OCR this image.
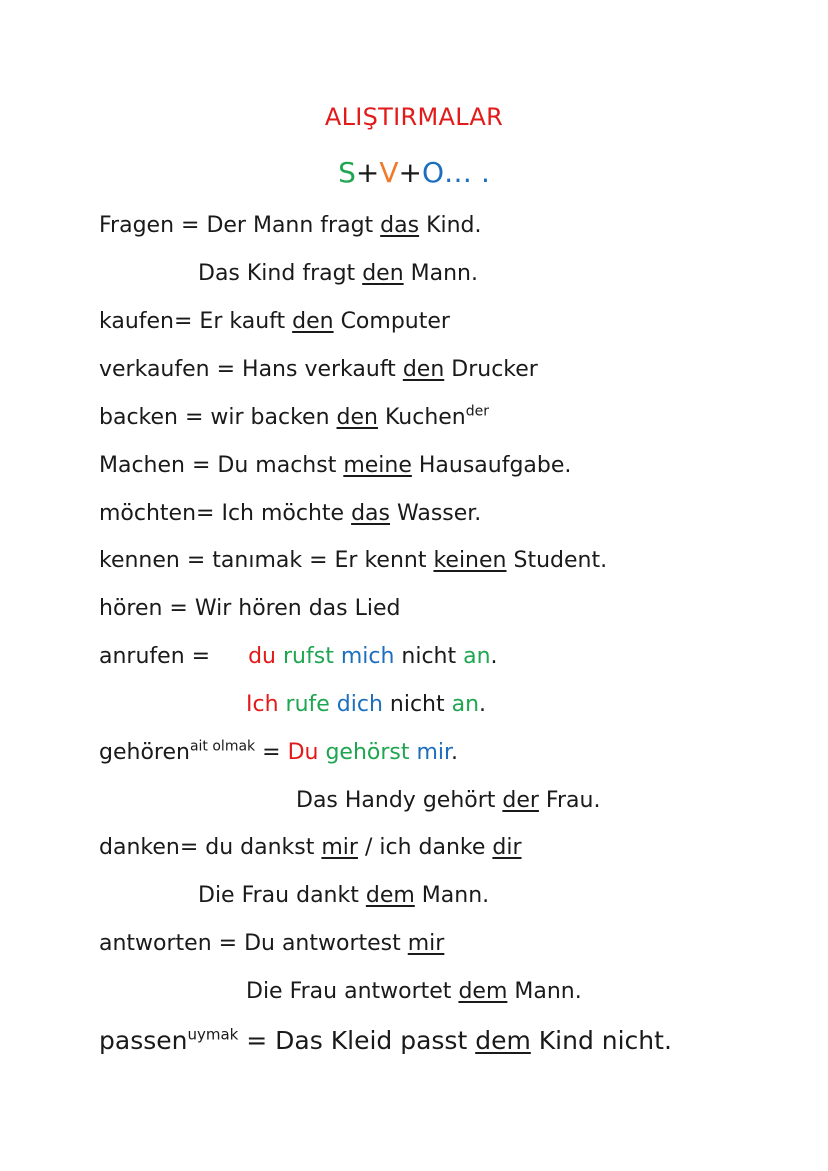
ALIŞTIRMALAR
S+V+O… .
Fragen = Der Mann fragt das Kind.
Das Kind fragt den Mann.
kaufen= Er kauft den Computer
verkaufen = Hans verkauft den Drucker
backen = wir backen den Kuchen$^{der}$
Machen = Du machst meine Hausaufgabe.
möchten= Ich möchte das Wasser.
kennen = tanımak = Er kennt keinen Student.
hören = Wir hören das Lied
anrufen = du rufst mich nicht an.
Ich rufe dich nicht an.
gehören$^{ait olmak}$ = Du gehörst mir.
Das Handy gehört der Frau.
danken= du dankst mir / ich danke dir
Die Frau dankt dem Mann.
antworten = Du antwortest mir
Die Frau antwortet dem Mann.
passen$^{uymak}$ = Das Kleid passt dem Kind nicht.
